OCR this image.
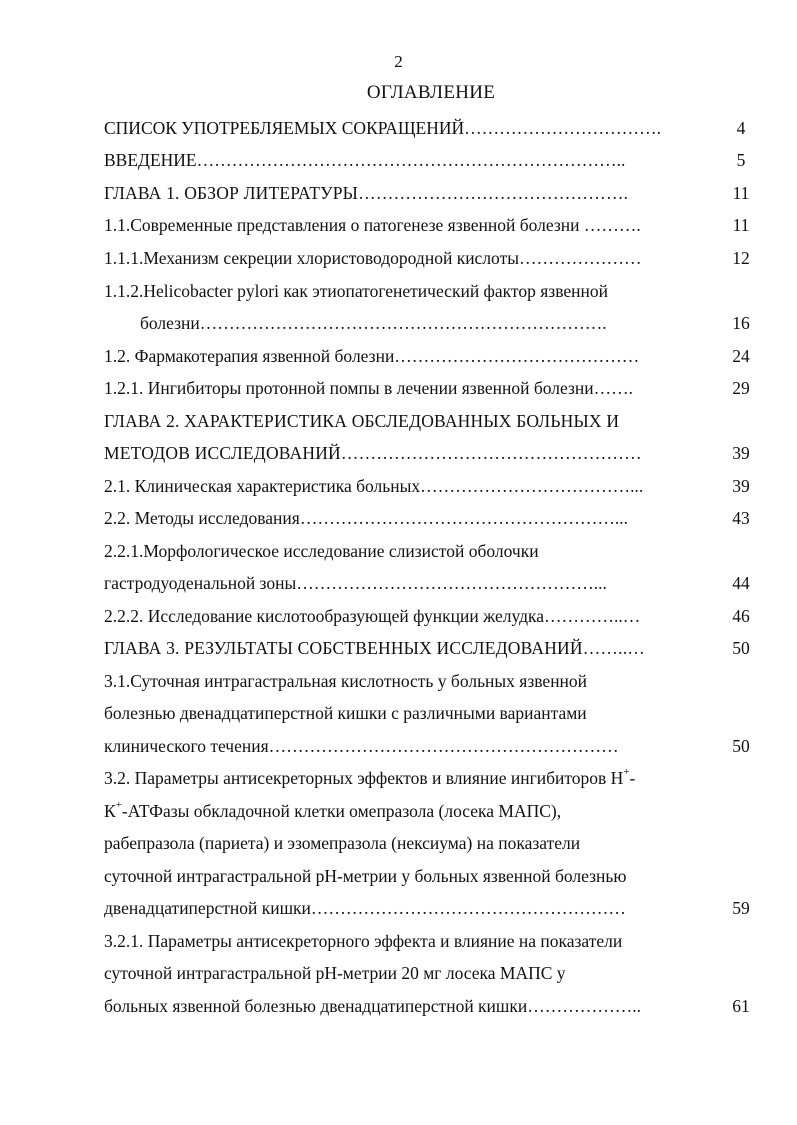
2
ОГЛАВЛЕНИЕ
СПИСОК УПОТРЕБЛЯЕМЫХ СОКРАЩЕНИЙ…………………………….	4
ВВЕДЕНИЕ………………………………………………………………..	5
ГЛАВА 1. ОБЗОР ЛИТЕРАТУРЫ……………………………………….	11
1.1.Современные представления о патогенезе язвенной болезни ……….	11
1.1.1.Механизм секреции хлористоводородной кислоты…………………	12
1.1.2.Helicobacter pylori как этиопатогенетический фактор язвенной
болезни…………………………………………………………….	16
1.2. Фармакотерапия язвенной болезни……………………………………	24
1.2.1. Ингибиторы протонной помпы в лечении язвенной болезни…….	29
ГЛАВА 2. ХАРАКТЕРИСТИКА ОБСЛЕДОВАННЫХ БОЛЬНЫХ И
МЕТОДОВ ИССЛЕДОВАНИЙ……………………………………………	39
2.1. Клиническая характеристика больных………………………………...	39
2.2. Методы исследования………………………………………………...	43
2.2.1.Морфологическое исследование слизистой оболочки
гастродуоденальной зоны……………………………………………...	44
2.2.2. Исследование кислотообразующей функции желудка…………..…	46
ГЛАВА 3. РЕЗУЛЬТАТЫ СОБСТВЕННЫХ ИССЛЕДОВАНИЙ……..…	50
3.1.Суточная интрагастральная кислотность у больных язвенной
болезнью двенадцатиперстной кишки с различными вариантами
клинического течения……………………………………………………	50
3.2. Параметры антисекреторных эффектов и влияние ингибиторов Н+-
К+-АТФазы обкладочной клетки омепразола (лосека МАПС),
рабепразола (париета) и эзомепразола (нексиума) на показатели
суточной интрагастральной рН-метрии у больных язвенной болезнью
двенадцатиперстной кишки………………………………………………	59
3.2.1. Параметры антисекреторного эффекта и влияние на показатели
суточной интрагастральной рН-метрии 20 мг лосека МАПС у
больных язвенной болезнью двенадцатиперстной кишки………………..	61
